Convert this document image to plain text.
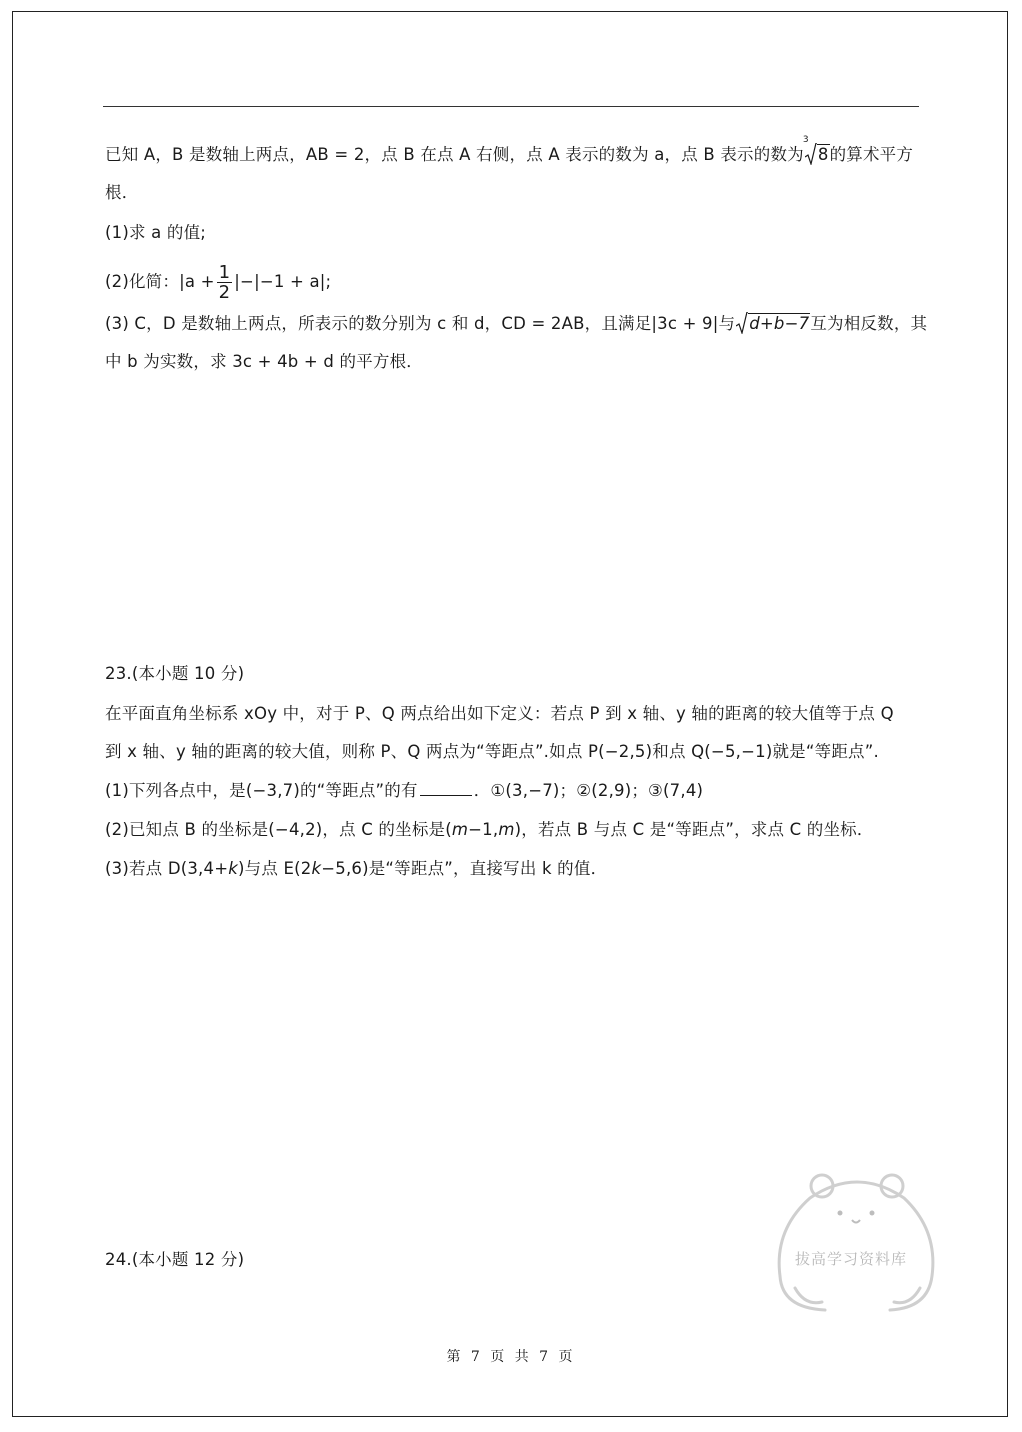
已知 A，B 是数轴上两点，AB = 2，点 B 在点 A 右侧，点 A 表示的数为 a，点 B 表示的数为
3
8的算术平方
根．
(1)求 a 的值;
(2)化简：$|a + \frac{1}{2} |-|-1 + a|$;
(3) C，D 是数轴上两点，所表示的数分别为 c 和 d，CD = 2AB，且满足|3c + 9|与 d+b−7互为相反数，其
中 b 为实数，求 3c + 4b + d 的平方根．
23.(本小题 10 分)
在平面直角坐标系 xOy 中，对于 P、Q 两点给出如下定义：若点 P 到 x 轴、y 轴的距离的较大值等于点 Q
到 x 轴、y 轴的距离的较大值，则称 P、Q 两点为“等距点”.如点 P(−2,5)和点 Q(−5,−1)就是“等距点”.
(1)下列各点中，是(−3,7)的“等距点”的有	．①(3,−7)；②(2,9)；③(7,4)
(2)已知点 B 的坐标是(−4,2)，点 C 的坐标是(m−1,m)，若点 B 与点 C 是“等距点”，求点 C 的坐标．
(3)若点 D(3,4+k)与点 E(2k−5,6)是“等距点”，直接写出 k 的值．
24.(本小题 12 分)	拔高学习资料库
第 7 页 共 7 页
